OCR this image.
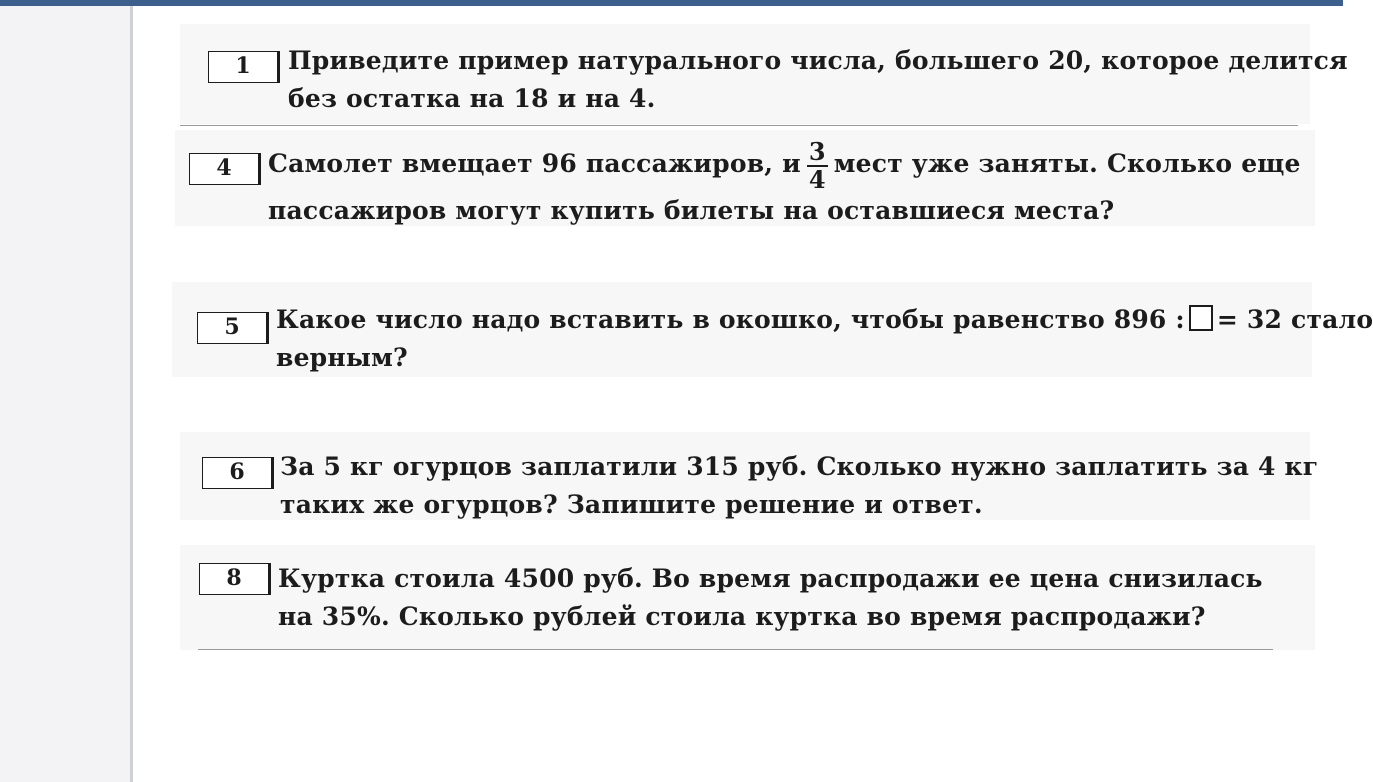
1	Приведите пример натурального числа, большего 20, которое делится
без остатка на 18 и на 4.
4	Самолет вмещает 96 пассажиров, и $\frac{3}{4}$ мест уже заняты. Сколько еще
пассажиров могут купить билеты на оставшиеся места?
5	Какое число надо вставить в окошко, чтобы равенство 896 : = 32 стало
верным?
6	За 5 кг огурцов заплатили 315 руб. Сколько нужно заплатить за 4 кг
таких же огурцов? Запишите решение и ответ.
8	Куртка стоила 4500 руб. Во время распродажи ее цена снизилась
на 35%. Сколько рублей стоила куртка во время распродажи?
